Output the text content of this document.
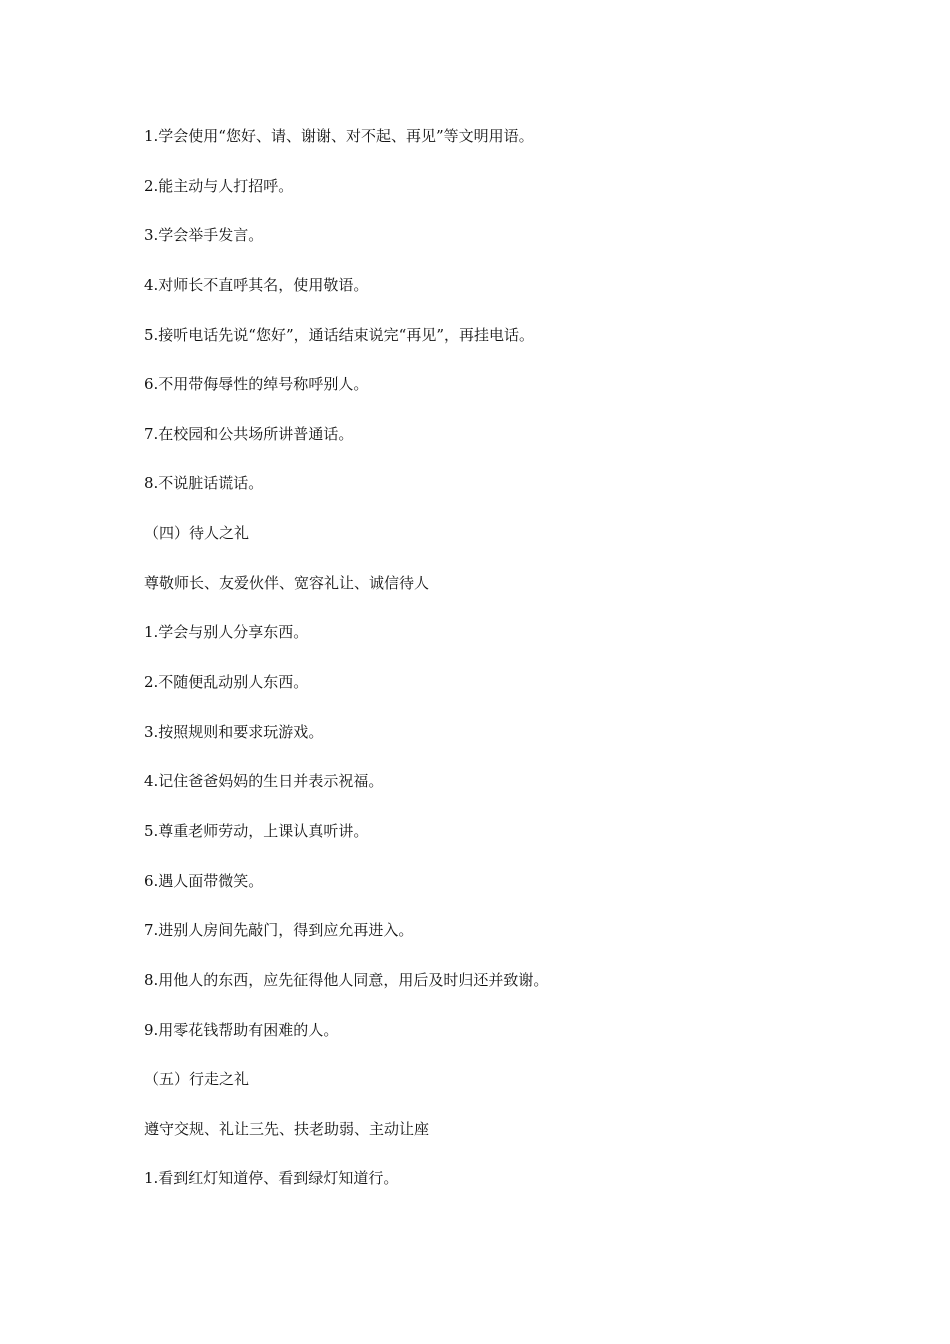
1.学会使用“您好、请、谢谢、对不起、再见”等文明用语。
2.能主动与人打招呼。
3.学会举手发言。
4.对师长不直呼其名，使用敬语。
5.接听电话先说“您好”，通话结束说完“再见”，再挂电话。
6.不用带侮辱性的绰号称呼别人。
7.在校园和公共场所讲普通话。
8.不说脏话谎话。
（四）待人之礼
尊敬师长、友爱伙伴、宽容礼让、诚信待人
1.学会与别人分享东西。
2.不随便乱动别人东西。
3.按照规则和要求玩游戏。
4.记住爸爸妈妈的生日并表示祝福。
5.尊重老师劳动，上课认真听讲。
6.遇人面带微笑。
7.进别人房间先敲门，得到应允再进入。
8.用他人的东西，应先征得他人同意，用后及时归还并致谢。
9.用零花钱帮助有困难的人。
（五）行走之礼
遵守交规、礼让三先、扶老助弱、主动让座
1.看到红灯知道停、看到绿灯知道行。
